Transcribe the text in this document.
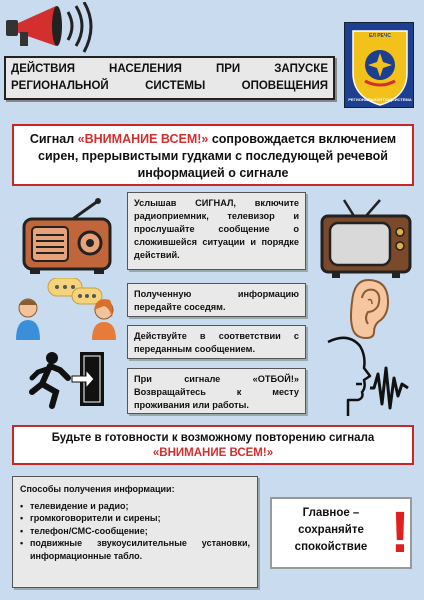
ДЕЙСТВИЯ НАСЕЛЕНИЯ ПРИ ЗАПУСКЕ
РЕГИОНАЛЬНОЙ СИСТЕМЫ ОПОВЕЩЕНИЯ
ЕЛ РЕЧС
РЕГИОНАЛЬНАЯ ПОДСИСТЕМА
Сигнал «ВНИМАНИЕ ВСЕМ!» сопровождается включением сирен, прерывистыми гудками с последующей речевой информацией о сигнале
Услышав СИГНАЛ, включите радиоприемник, телевизор и прослушайте сообщение о сложившейся ситуации и порядке действий.
Полученную информацию передайте соседям.
Действуйте в соответствии с переданным сообщением.
При сигнале «ОТБОЙ!» Возвращайтесь к месту проживания или работы.
Будьте в готовности к возможному повторению сигнала
«ВНИМАНИЕ ВСЕМ!»
Способы получения информации:
• телевидение и радио;
• громкоговорители и сирены;
• телефон/СМС-сообщение;
• подвижные звукоусилительные установки, информационные табло.
Главное – сохраняйте спокойствие !
